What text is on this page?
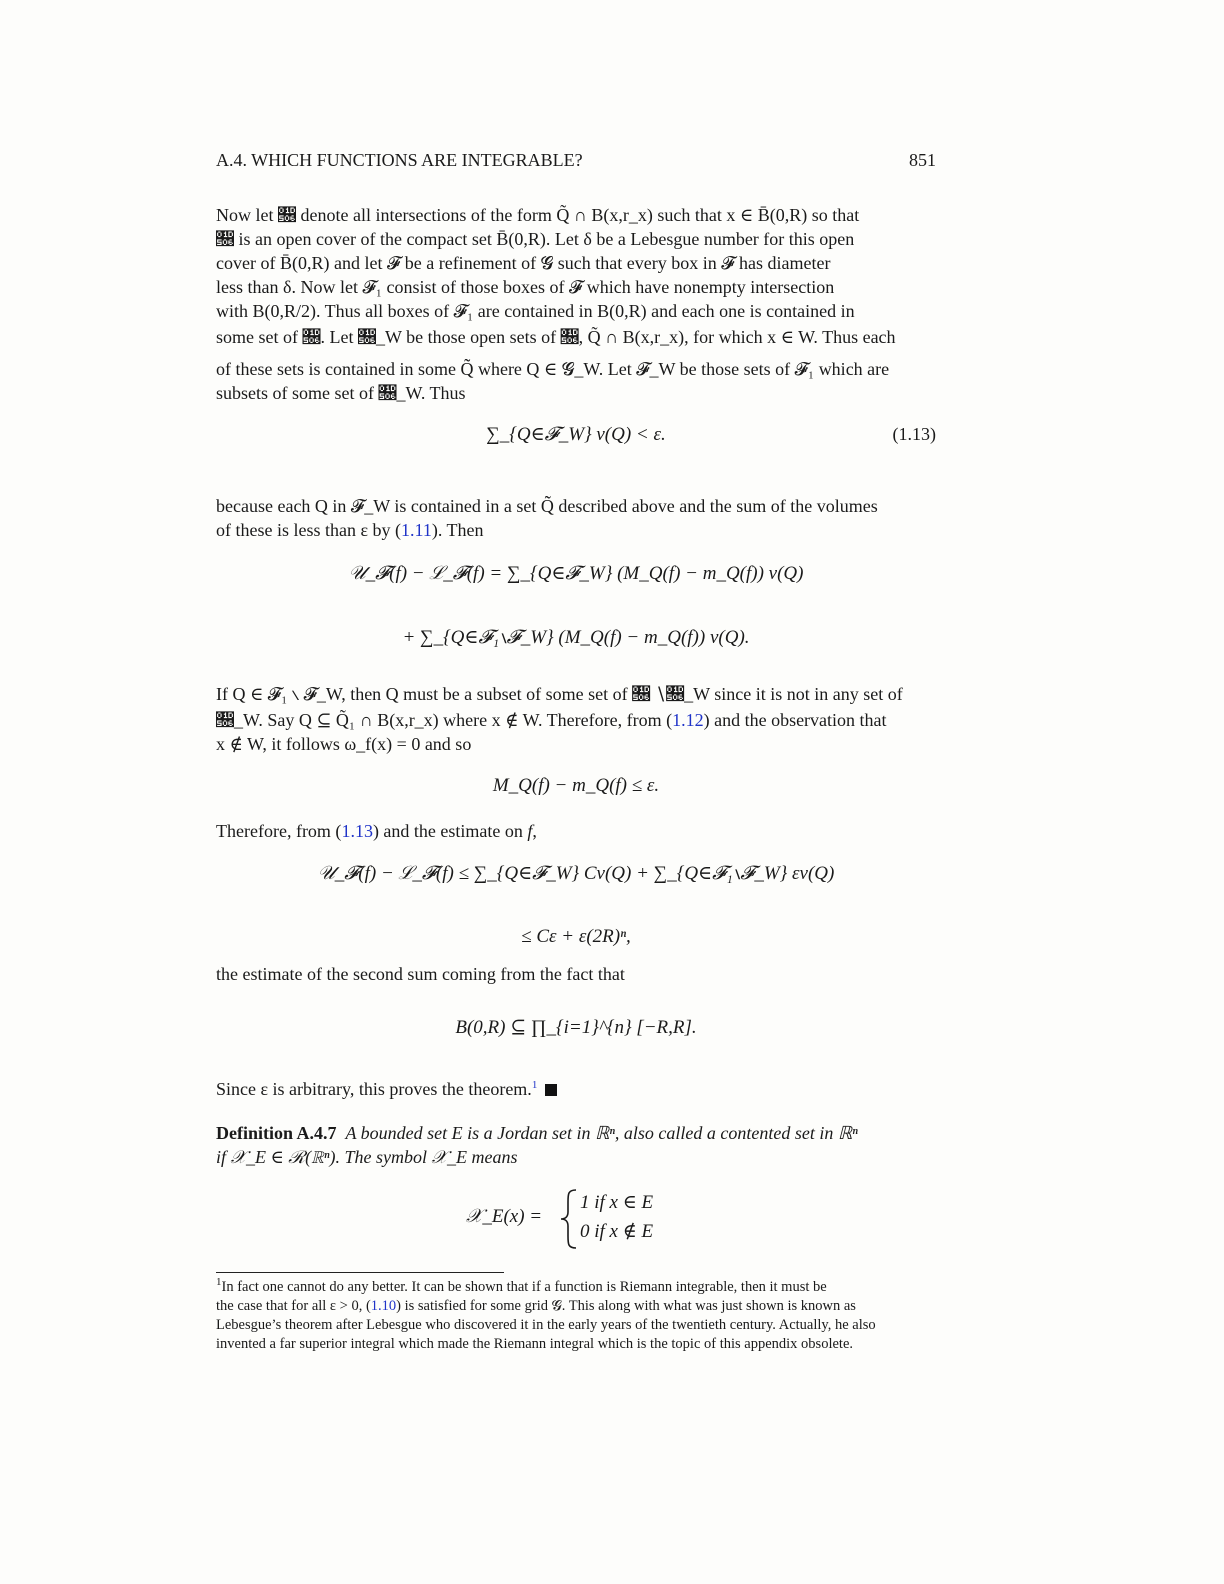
A.4. WHICH FUNCTIONS ARE INTEGRABLE?	851
Now let 𝔆 denote all intersections of the form Q̃ ∩ B(x,r_x) such that x ∈ B̄(0,R) so that
𝔆 is an open cover of the compact set B̄(0,R). Let δ be a Lebesgue number for this open
cover of B̄(0,R) and let 𝓕 be a refinement of 𝓖 such that every box in 𝓕 has diameter
less than δ. Now let 𝓕₁ consist of those boxes of 𝓕 which have nonempty intersection
with B(0,R/2). Thus all boxes of 𝓕₁ are contained in B(0,R) and each one is contained in
some set of 𝔆. Let 𝔆_W be those open sets of 𝔆, Q̃ ∩ B(x,r_x), for which x ∈ W. Thus each
of these sets is contained in some Q̃̃ where Q ∈ 𝓖_W. Let 𝓕_W be those sets of 𝓕₁ which are
subsets of some set of 𝔆_W. Thus
∑_{Q∈𝓕_W} v(Q) < ε.	(1.13)
because each Q in 𝓕_W is contained in a set Q̃̃ described above and the sum of the volumes
of these is less than ε by (1.11). Then
𝒰_𝓕(f) − ℒ_𝓕(f) = ∑_{Q∈𝓕_W} (M_Q(f) − m_Q(f)) v(Q)
+ ∑_{Q∈𝓕₁∖𝓕_W} (M_Q(f) − m_Q(f)) v(Q).
If Q ∈ 𝓕₁ ∖ 𝓕_W, then Q must be a subset of some set of 𝔆 ∖𝔆_W since it is not in any set of
𝔆_W. Say Q ⊆ Q̃₁ ∩ B(x,r_x) where x ∉ W. Therefore, from (1.12) and the observation that
x ∉ W, it follows ω_f(x) = 0 and so
M_Q(f) − m_Q(f) ≤ ε.
Therefore, from (1.13) and the estimate on f,
𝒰_𝓕(f) − ℒ_𝓕(f) ≤ ∑_{Q∈𝓕_W} Cv(Q) + ∑_{Q∈𝓕₁∖𝓕_W} εv(Q)
≤ Cε + ε(2R)ⁿ,
the estimate of the second sum coming from the fact that
B(0,R) ⊆ ∏_{i=1}^{n} [−R,R].
Since ε is arbitrary, this proves the theorem.$^1$
Definition A.4.7 A bounded set E is a Jordan set in ℝⁿ, also called a contented set in ℝⁿ
if 𝒳_E ∈ ℛ(ℝⁿ). The symbol 𝒳_E means
𝒳_E(x) =
1 if x ∈ E
0 if x ∉ E
$^1$In fact one cannot do any better. It can be shown that if a function is Riemann integrable, then it must be
the case that for all ε > 0, (1.10) is satisfied for some grid 𝓖. This along with what was just shown is known as
Lebesgue’s theorem after Lebesgue who discovered it in the early years of the twentieth century. Actually, he also
invented a far superior integral which made the Riemann integral which is the topic of this appendix obsolete.
